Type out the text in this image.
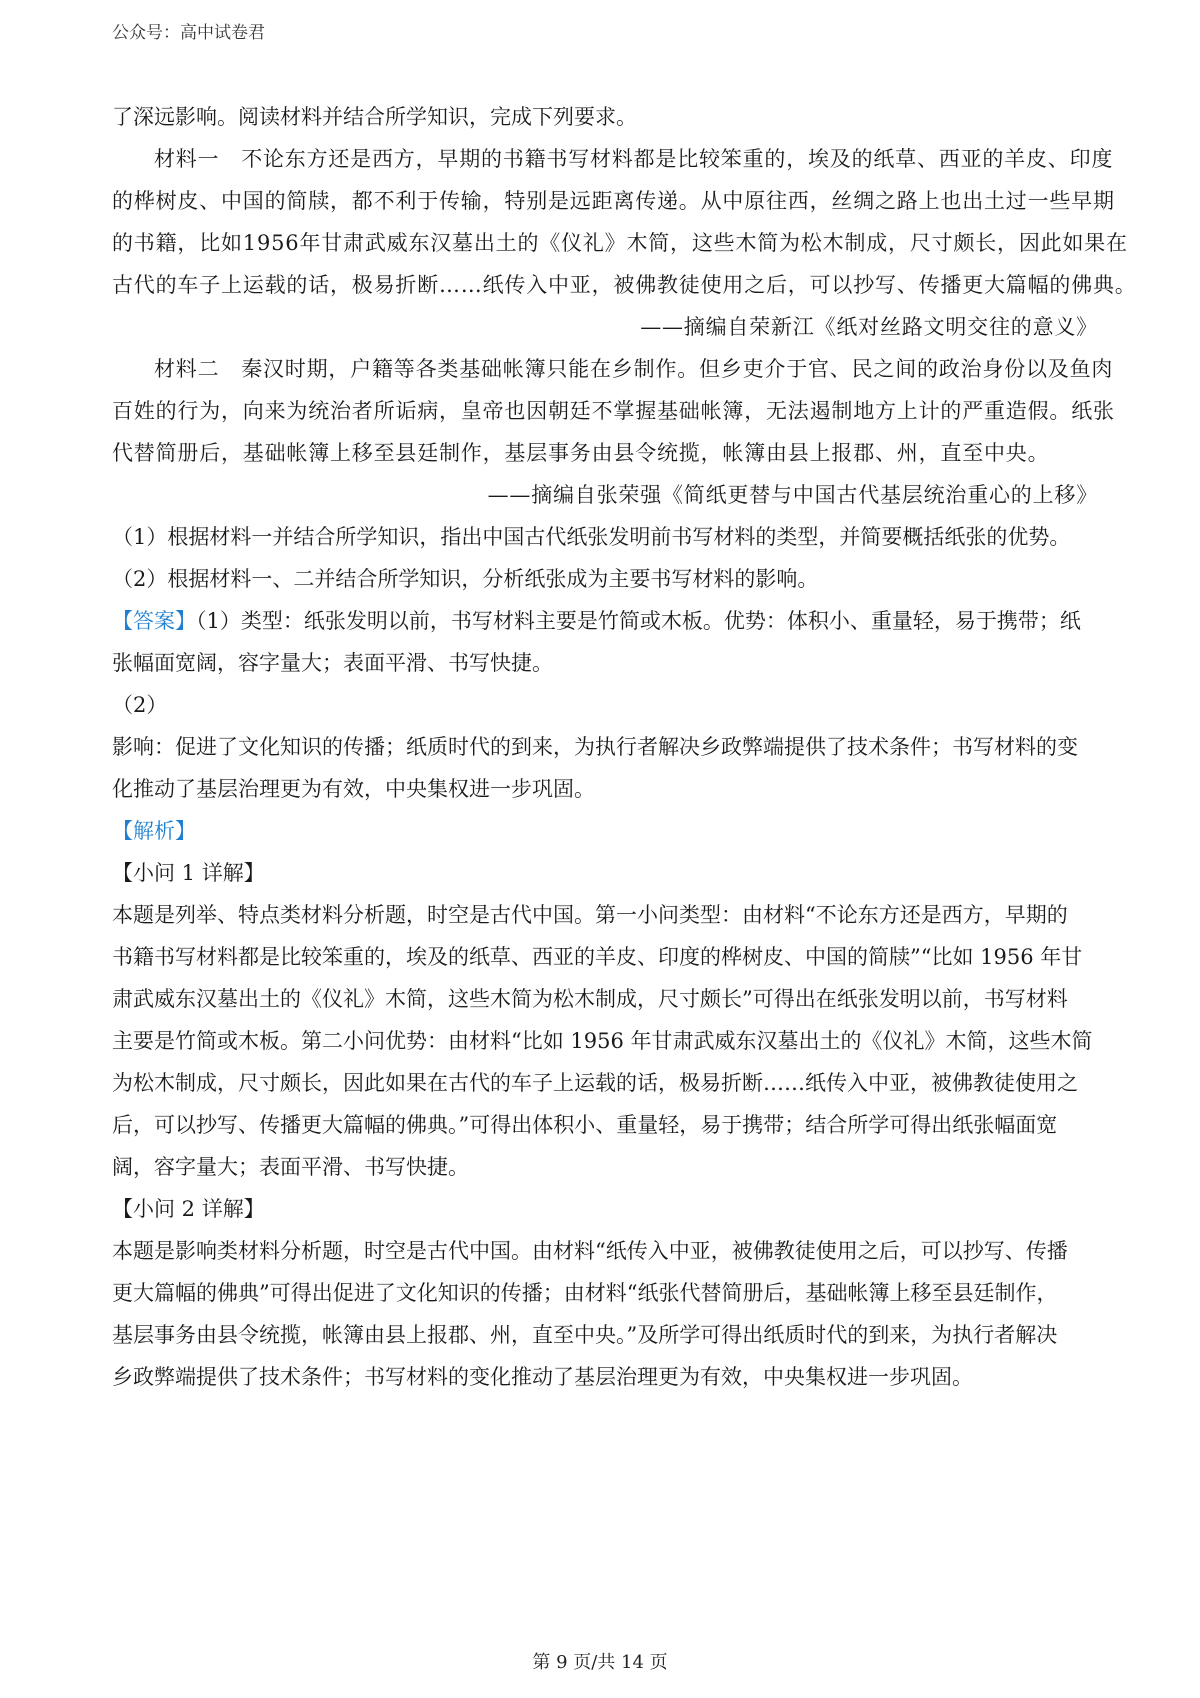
公众号：高中试卷君
了深远影响。阅读材料并结合所学知识，完成下列要求。
材料一　不论东方还是西方，早期的书籍书写材料都是比较笨重的，埃及的纸草、西亚的羊皮、印度
的桦树皮、中国的简牍，都不利于传输，特别是远距离传递。从中原往西，丝绸之路上也出土过一些早期
的书籍，比如1956年甘肃武威东汉墓出土的《仪礼》木简，这些木简为松木制成，尺寸颇长，因此如果在
古代的车子上运载的话，极易折断……纸传入中亚，被佛教徒使用之后，可以抄写、传播更大篇幅的佛典。
——摘编自荣新江《纸对丝路文明交往的意义》
材料二　秦汉时期，户籍等各类基础帐簿只能在乡制作。但乡吏介于官、民之间的政治身份以及鱼肉
百姓的行为，向来为统治者所诟病，皇帝也因朝廷不掌握基础帐簿，无法遏制地方上计的严重造假。纸张
代替简册后，基础帐簿上移至县廷制作，基层事务由县令统揽，帐簿由县上报郡、州，直至中央。
——摘编自张荣强《简纸更替与中国古代基层统治重心的上移》
（1）根据材料一并结合所学知识，指出中国古代纸张发明前书写材料的类型，并简要概括纸张的优势。
（2）根据材料一、二并结合所学知识，分析纸张成为主要书写材料的影响。
【答案】（1）类型：纸张发明以前，书写材料主要是竹简或木板。优势：体积小、重量轻，易于携带；纸
张幅面宽阔，容字量大；表面平滑、书写快捷。
（2）
影响：促进了文化知识的传播；纸质时代的到来，为执行者解决乡政弊端提供了技术条件；书写材料的变
化推动了基层治理更为有效，中央集权进一步巩固。
【解析】
【小问 1 详解】
本题是列举、特点类材料分析题，时空是古代中国。第一小问类型：由材料“不论东方还是西方，早期的
书籍书写材料都是比较笨重的，埃及的纸草、西亚的羊皮、印度的桦树皮、中国的简牍”“比如 1956 年甘
肃武威东汉墓出土的《仪礼》木简，这些木简为松木制成，尺寸颇长”可得出在纸张发明以前，书写材料
主要是竹简或木板。第二小问优势：由材料“比如 1956 年甘肃武威东汉墓出土的《仪礼》木简，这些木简
为松木制成，尺寸颇长，因此如果在古代的车子上运载的话，极易折断……纸传入中亚，被佛教徒使用之
后，可以抄写、传播更大篇幅的佛典。”可得出体积小、重量轻，易于携带；结合所学可得出纸张幅面宽
阔，容字量大；表面平滑、书写快捷。
【小问 2 详解】
本题是影响类材料分析题，时空是古代中国。由材料“纸传入中亚，被佛教徒使用之后，可以抄写、传播
更大篇幅的佛典”可得出促进了文化知识的传播；由材料“纸张代替简册后，基础帐簿上移至县廷制作，
基层事务由县令统揽，帐簿由县上报郡、州，直至中央。”及所学可得出纸质时代的到来，为执行者解决
乡政弊端提供了技术条件；书写材料的变化推动了基层治理更为有效，中央集权进一步巩固。
第 9 页/共 14 页
